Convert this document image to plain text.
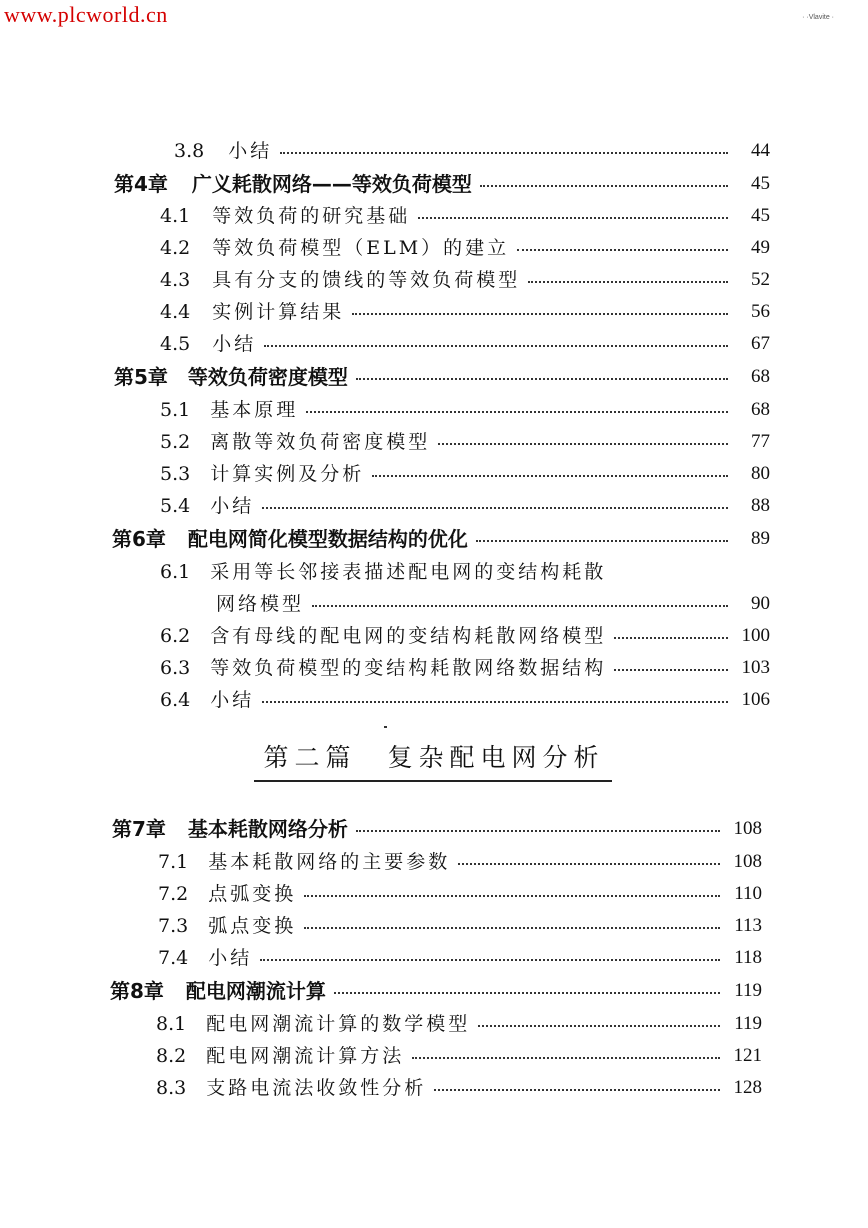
www.plcworld.cn	· ·Vlavite ·
3.8 小结	44
第4章 广义耗散网络——等效负荷模型	45
4.1 等效负荷的研究基础	45
4.2 等效负荷模型（ELM）的建立	49
4.3 具有分支的馈线的等效负荷模型	52
4.4 实例计算结果	56
4.5 小结	67
第5章 等效负荷密度模型	68
5.1 基本原理	68
5.2 离散等效负荷密度模型	77
5.3 计算实例及分析	80
5.4 小结	88
第6章 配电网简化模型数据结构的优化	89
6.1 采用等长邻接表描述配电网的变结构耗散
网络模型	90
6.2 含有母线的配电网的变结构耗散网络模型	100
6.3 等效负荷模型的变结构耗散网络数据结构	103
6.4 小结	106
第二篇　复杂配电网分析
第7章 基本耗散网络分析	108
7.1 基本耗散网络的主要参数	108
7.2 点弧变换	110
7.3 弧点变换	113
7.4 小结	118
第8章 配电网潮流计算	119
8.1 配电网潮流计算的数学模型	119
8.2 配电网潮流计算方法	121
8.3 支路电流法收敛性分析	128
